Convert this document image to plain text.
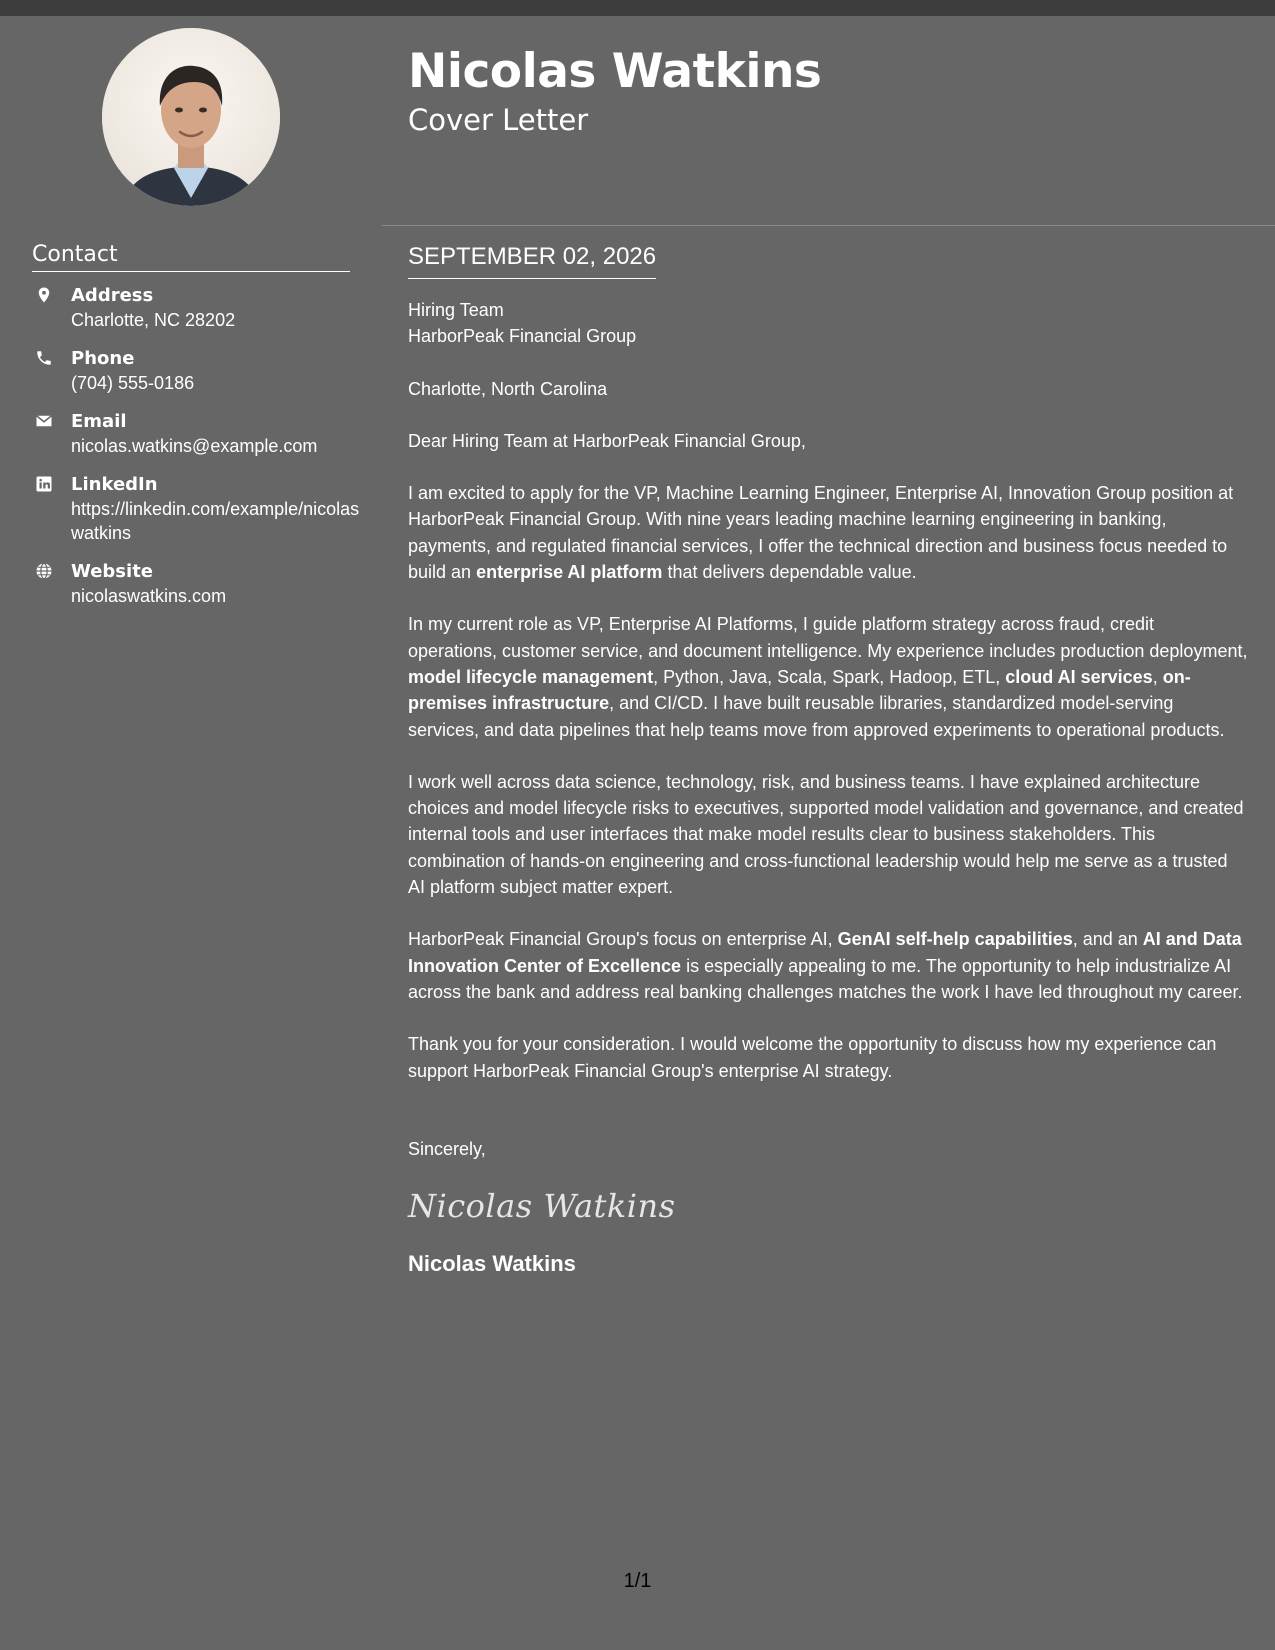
Contact
Address
Charlotte, NC 28202
Phone
(704) 555-0186
Email
nicolas.watkins@example.com
LinkedIn
https://linkedin.com/example/nicolaswatkins
Website
nicolaswatkins.com
Nicolas Watkins
Cover Letter
SEPTEMBER 02, 2026

Hiring Team

HarborPeak Financial Group

Charlotte, North Carolina

Dear Hiring Team at HarborPeak Financial Group,

I am excited to apply for the VP, Machine Learning Engineer, Enterprise AI, Innovation Group position at HarborPeak Financial Group. With nine years leading machine learning engineering in banking, payments, and regulated financial services, I offer the technical direction and business focus needed to build an enterprise AI platform that delivers dependable value.

In my current role as VP, Enterprise AI Platforms, I guide platform strategy across fraud, credit operations, customer service, and document intelligence. My experience includes production deployment, model lifecycle management, Python, Java, Scala, Spark, Hadoop, ETL, cloud AI services, on-premises infrastructure, and CI/CD. I have built reusable libraries, standardized model-serving services, and data pipelines that help teams move from approved experiments to operational products.

I work well across data science, technology, risk, and business teams. I have explained architecture choices and model lifecycle risks to executives, supported model validation and governance, and created internal tools and user interfaces that make model results clear to business stakeholders. This combination of hands-on engineering and cross-functional leadership would help me serve as a trusted AI platform subject matter expert.

HarborPeak Financial Group's focus on enterprise AI, GenAI self-help capabilities, and an AI and Data Innovation Center of Excellence is especially appealing to me. The opportunity to help industrialize AI across the bank and address real banking challenges matches the work I have led throughout my career.

Thank you for your consideration. I would welcome the opportunity to discuss how my experience can support HarborPeak Financial Group's enterprise AI strategy.

Sincerely,
Nicolas Watkins
Nicolas Watkins
1/1
